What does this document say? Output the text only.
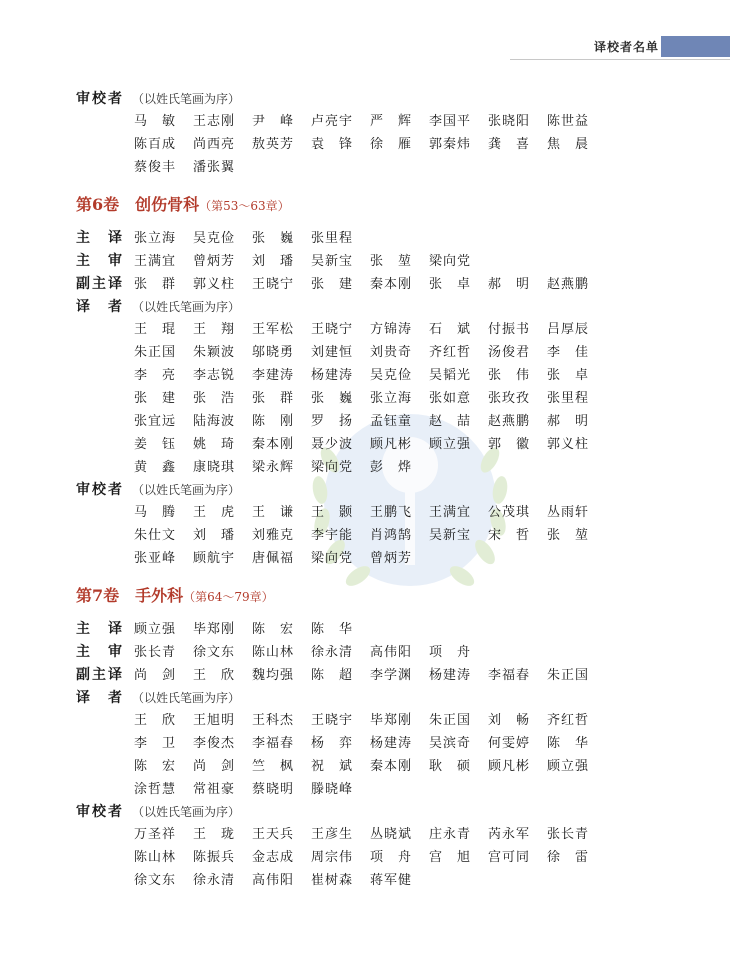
译校者名单
审校者 （以姓氏笔画为序）
马　敏	王志刚	尹　峰	卢亮宇	严　辉	李国平	张晓阳	陈世益
陈百成	尚西亮	敖英芳	袁　锋	徐　雁	郭秦炜	龚　喜	焦　晨
蔡俊丰	潘张翼
第6卷　创伤骨科（第53～63章）
主　译 张立海	吴克俭	张　巍	张里程
主　审 王满宜	曾炳芳	刘　璠	吴新宝	张　堃	梁向党
副主译 张　群	郭义柱	王晓宁	张　建	秦本刚	张　卓	郝　明	赵燕鹏
译　者 （以姓氏笔画为序）
王　琨	王　翔	王军松	王晓宁	方锦涛	石　斌	付振书	吕厚辰
朱正国	朱颖波	邬晓勇	刘建恒	刘贵奇	齐红哲	汤俊君	李　佳
李　亮	李志锐	李建涛	杨建涛	吴克俭	吴韬光	张　伟	张　卓
张　建	张　浩	张　群	张　巍	张立海	张如意	张玫孜	张里程
张宜远	陆海波	陈　刚	罗　扬	孟钰童	赵　喆	赵燕鹏	郝　明
姜　钰	姚　琦	秦本刚	聂少波	顾凡彬	顾立强	郭　徽	郭义柱
黄　鑫	康晓琪	梁永辉	梁向党	彭　烨
审校者 （以姓氏笔画为序）
马　腾	王　虎	王　谦	王　颢	王鹏飞	王满宜	公茂琪	丛雨轩
朱仕文	刘　璠	刘雅克	李宇能	肖鸿鹄	吴新宝	宋　哲	张　堃
张亚峰	顾航宇	唐佩福	梁向党	曾炳芳
第7卷　手外科（第64～79章）
主　译 顾立强	毕郑刚	陈　宏	陈　华
主　审 张长青	徐文东	陈山林	徐永清	高伟阳	项　舟
副主译 尚　剑	王　欣	魏均强	陈　超	李学渊	杨建涛	李福春	朱正国
译　者 （以姓氏笔画为序）
王　欣	王旭明	王科杰	王晓宇	毕郑刚	朱正国	刘　畅	齐红哲
李　卫	李俊杰	李福春	杨　弈	杨建涛	吴滨奇	何雯婷	陈　华
陈　宏	尚　剑	竺　枫	祝　斌	秦本刚	耿　硕	顾凡彬	顾立强
涂哲慧	常祖豪	蔡晓明	滕晓峰
审校者 （以姓氏笔画为序）
万圣祥	王　珑	王天兵	王彦生	丛晓斌	庄永青	芮永军	张长青
陈山林	陈振兵	金志成	周宗伟	项　舟	宫　旭	宫可同	徐　雷
徐文东	徐永清	高伟阳	崔树森	蒋军健
